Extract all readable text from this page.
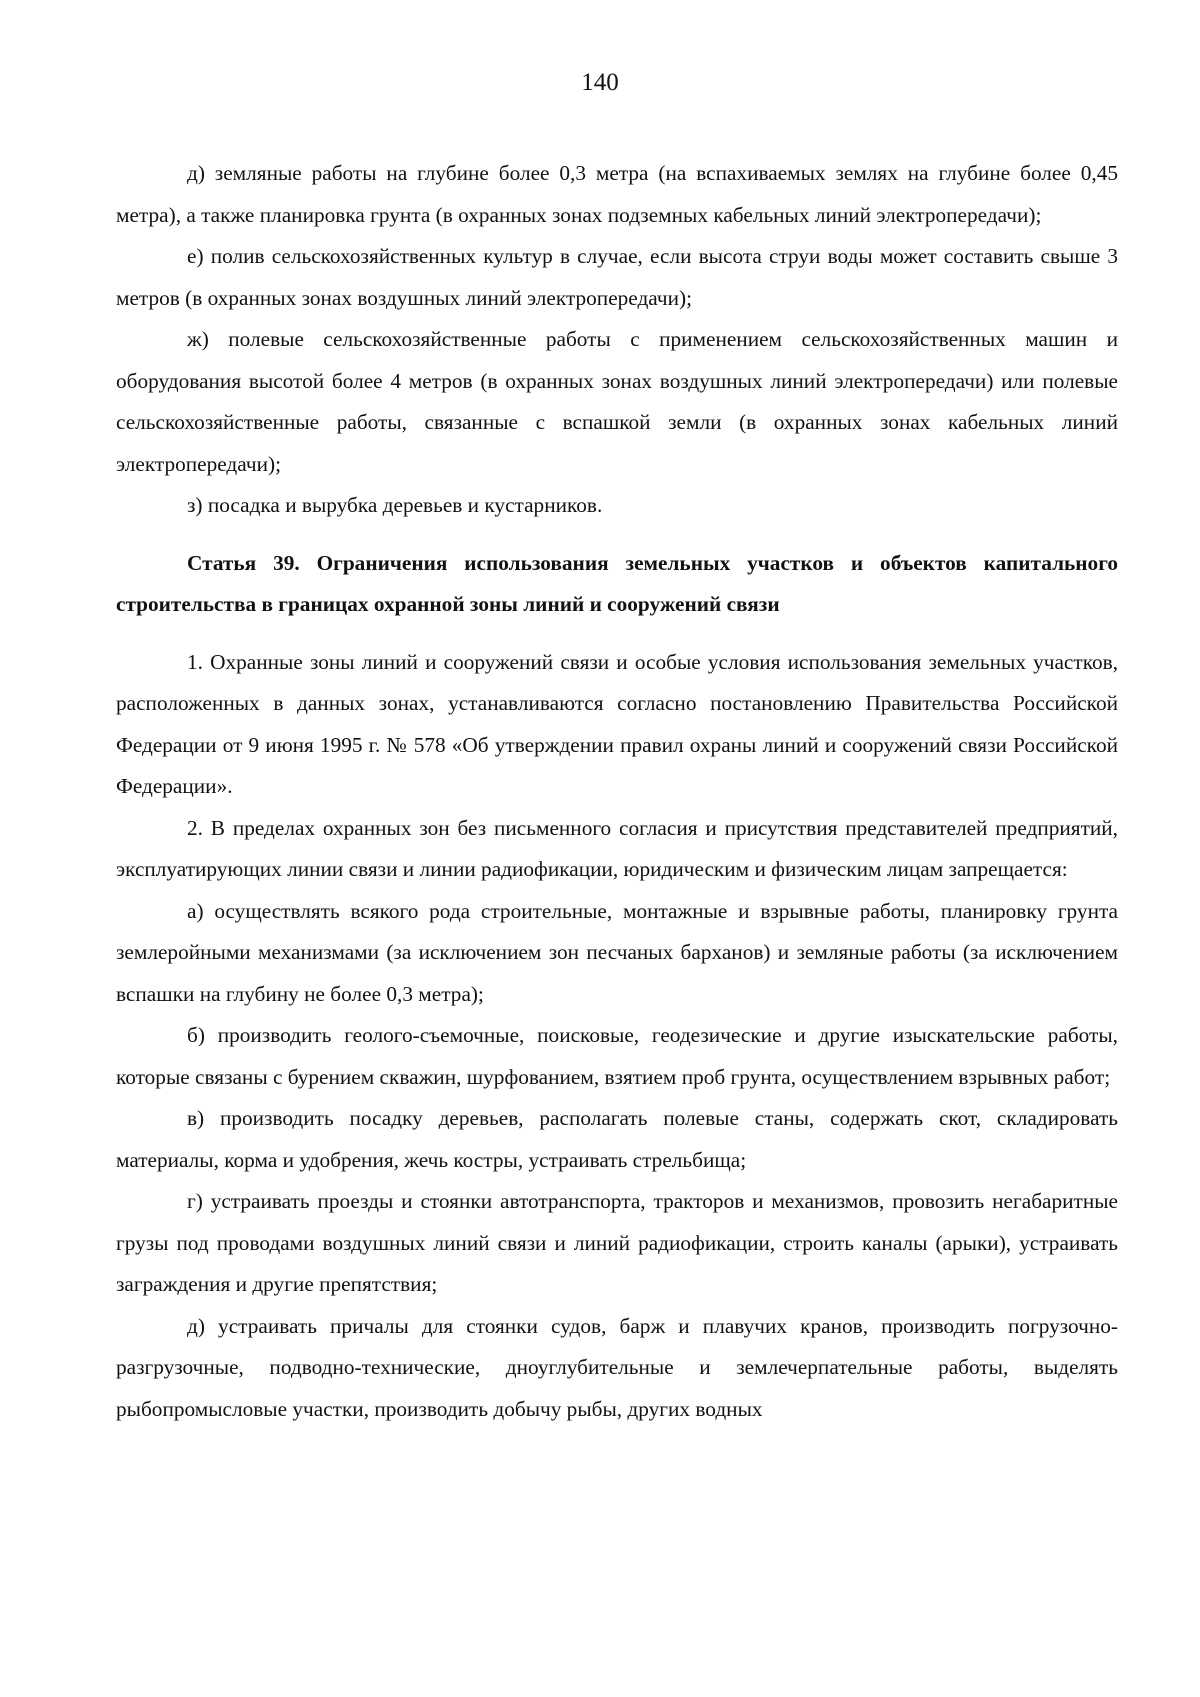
140

д) земляные работы на глубине более 0,3 метра (на вспахиваемых землях на глубине более 0,45 метра), а также планировка грунта (в охранных зонах подземных кабельных линий электропередачи);

е) полив сельскохозяйственных культур в случае, если высота струи воды может составить свыше 3 метров (в охранных зонах воздушных линий электропередачи);

ж) полевые сельскохозяйственные работы с применением сельскохозяйственных машин и оборудования высотой более 4 метров (в охранных зонах воздушных линий электропередачи) или полевые сельскохозяйственные работы, связанные с вспашкой земли (в охранных зонах кабельных линий электропередачи);

з) посадка и вырубка деревьев и кустарников.

Статья 39. Ограничения использования земельных участков и объектов капитального строительства в границах охранной зоны линий и сооружений связи

1. Охранные зоны линий и сооружений связи и особые условия использования земельных участков, расположенных в данных зонах, устанавливаются согласно постановлению Правительства Российской Федерации от 9 июня 1995 г. № 578 «Об утверждении правил охраны линий и сооружений связи Российской Федерации».

2. В пределах охранных зон без письменного согласия и присутствия представителей предприятий, эксплуатирующих линии связи и линии радиофикации, юридическим и физическим лицам запрещается:

а) осуществлять всякого рода строительные, монтажные и взрывные работы, планировку грунта землеройными механизмами (за исключением зон песчаных барханов) и земляные работы (за исключением вспашки на глубину не более 0,3 метра);

б) производить геолого-съемочные, поисковые, геодезические и другие изыскательские работы, которые связаны с бурением скважин, шурфованием, взятием проб грунта, осуществлением взрывных работ;

в) производить посадку деревьев, располагать полевые станы, содержать скот, складировать материалы, корма и удобрения, жечь костры, устраивать стрельбища;

г) устраивать проезды и стоянки автотранспорта, тракторов и механизмов, провозить негабаритные грузы под проводами воздушных линий связи и линий радиофикации, строить каналы (арыки), устраивать заграждения и другие препятствия;

д) устраивать причалы для стоянки судов, барж и плавучих кранов, производить погрузочно-разгрузочные, подводно-технические, дноуглубительные и землечерпательные работы, выделять рыбопромысловые участки, производить добычу рыбы, других водных
